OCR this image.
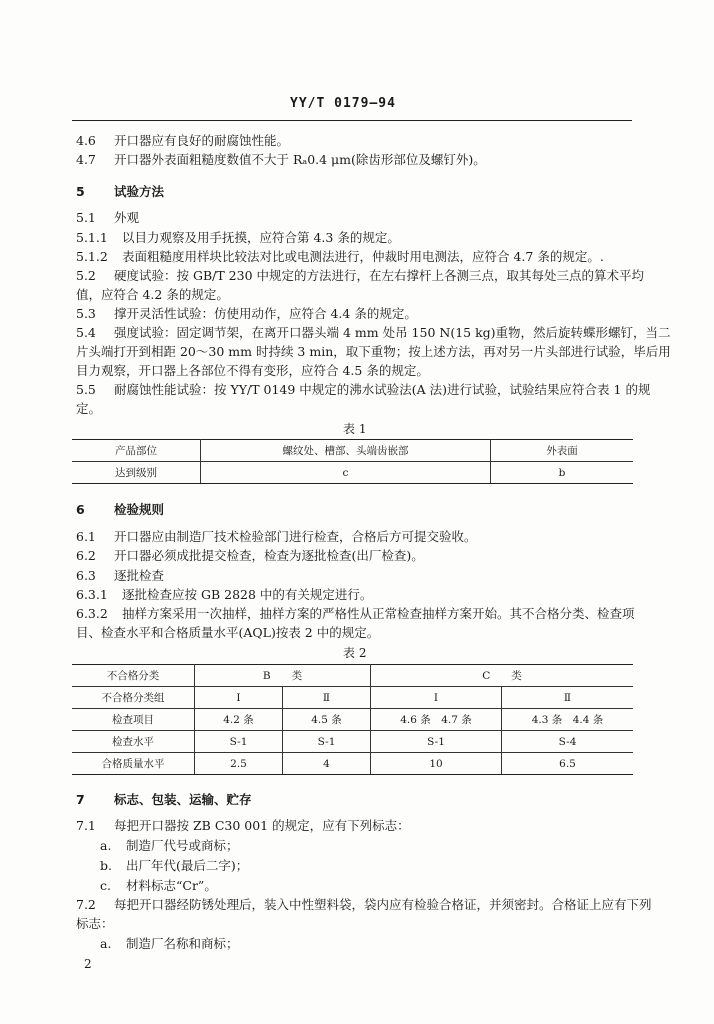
YY/T 0179—94
4.6 开口器应有良好的耐腐蚀性能。
4.7 开口器外表面粗糙度数值不大于 Rₐ0.4 μm(除齿形部位及螺钉外)。
5 试验方法
5.1 外观
5.1.1 以目力观察及用手抚摸，应符合第 4.3 条的规定。
5.1.2 表面粗糙度用样块比较法对比或电测法进行，仲裁时用电测法，应符合 4.7 条的规定。.
5.2 硬度试验：按 GB/T 230 中规定的方法进行，在左右撑杆上各测三点，取其每处三点的算术平均
值，应符合 4.2 条的规定。
5.3 撑开灵活性试验：仿使用动作，应符合 4.4 条的规定。
5.4 强度试验：固定调节架，在离开口器头端 4 mm 处吊 150 N(15 kg)重物，然后旋转蝶形螺钉，当二
片头端打开到相距 20～30 mm 时持续 3 min，取下重物；按上述方法，再对另一片头部进行试验，毕后用
目力观察，开口器上各部位不得有变形，应符合 4.5 条的规定。
5.5 耐腐蚀性能试验：按 YY/T 0149 中规定的沸水试验法(A 法)进行试验，试验结果应符合表 1 的规
定。
表 1
产品部位	螺纹处、槽部、头端齿嵌部	外表面
达到级别	c	b
6 检验规则
6.1 开口器应由制造厂技术检验部门进行检查，合格后方可提交验收。
6.2 开口器必须成批提交检查，检查为逐批检查(出厂检查)。
6.3 逐批检查
6.3.1 逐批检查应按 GB 2828 中的有关规定进行。
6.3.2 抽样方案采用一次抽样，抽样方案的严格性从正常检查抽样方案开始。其不合格分类、检查项
目、检查水平和合格质量水平(AQL)按表 2 中的规定。
表 2
不合格分类	B　　类		C　　类	
不合格分类组	Ⅰ	Ⅱ	Ⅰ	Ⅱ
检查项目	4.2 条	4.5 条	4.6 条　4.7 条	4.3 条　4.4 条
检查水平	S-1	S-1	S-1	S-4
合格质量水平	2.5	4	10	6.5
7 标志、包装、运输、贮存
7.1 每把开口器按 ZB C30 001 的规定，应有下列标志：
a. 制造厂代号或商标；
b. 出厂年代(最后二字)；
c. 材料标志“Cr”。
7.2 每把开口器经防锈处理后，装入中性塑料袋，袋内应有检验合格证，并须密封。合格证上应有下列
标志：
a. 制造厂名称和商标；
2
